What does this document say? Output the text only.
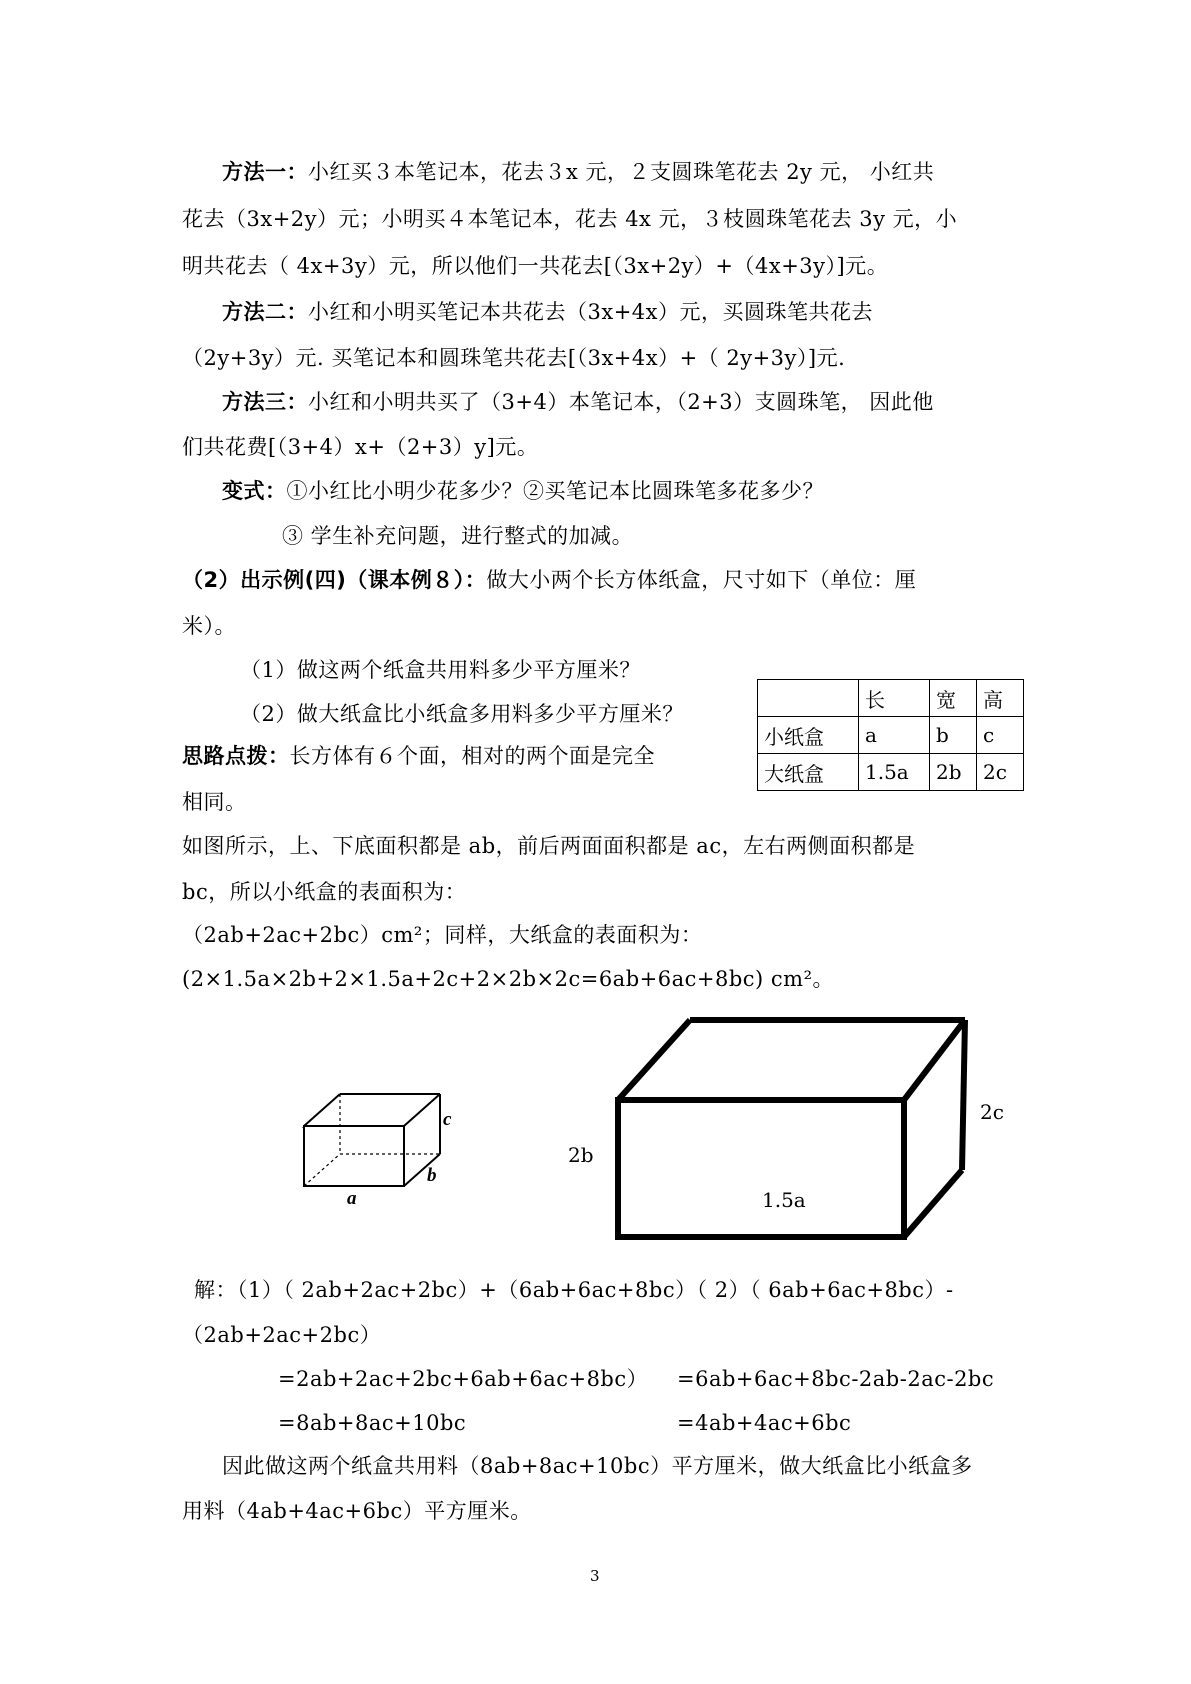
方法一：小红买３本笔记本，花去３x 元，２支圆珠笔花去 2y 元， 小红共
花去（3x+2y）元；小明买４本笔记本，花去 4x 元，３枝圆珠笔花去 3y 元，小
明共花去（ 4x+3y）元，所以他们一共花去[（3x+2y）+（4x+3y）]元。
方法二：小红和小明买笔记本共花去（3x+4x）元，买圆珠笔共花去
（2y+3y）元. 买笔记本和圆珠笔共花去[（3x+4x）+（ 2y+3y）]元.
方法三：小红和小明共买了（3+4）本笔记本，（2+3）支圆珠笔， 因此他
们共花费[（3+4）x+（2+3）y]元。
变式：①小红比小明少花多少？②买笔记本比圆珠笔多花多少？
③ 学生补充问题，进行整式的加减。
（2）出示例(四)（课本例８）：做大小两个长方体纸盒，尺寸如下（单位：厘
米）。
（1）做这两个纸盒共用料多少平方厘米？
（2）做大纸盒比小纸盒多用料多少平方厘米？
思路点拨：长方体有６个面，相对的两个面是完全
相同。
	长	宽	高
小纸盒	a	b	c
大纸盒	1.5a	2b	2c
如图所示，上、下底面积都是 ab，前后两面面积都是 ac，左右两侧面积都是
bc，所以小纸盒的表面积为：
（2ab+2ac+2bc）cm²；同样，大纸盒的表面积为：
(2×1.5a×2b+2×1.5a+2c+2×2b×2c=6ab+6ac+8bc) cm²。
c
b
a
2b
2c
1.5a
解：（1）（ 2ab+2ac+2bc）+（6ab+6ac+8bc）（ 2）（ 6ab+6ac+8bc）-
（2ab+2ac+2bc）
=2ab+2ac+2bc+6ab+6ac+8bc）
=8ab+8ac+10bc
=6ab+6ac+8bc-2ab-2ac-2bc
=4ab+4ac+6bc
因此做这两个纸盒共用料（8ab+8ac+10bc）平方厘米，做大纸盒比小纸盒多
用料（4ab+4ac+6bc）平方厘米。
3
